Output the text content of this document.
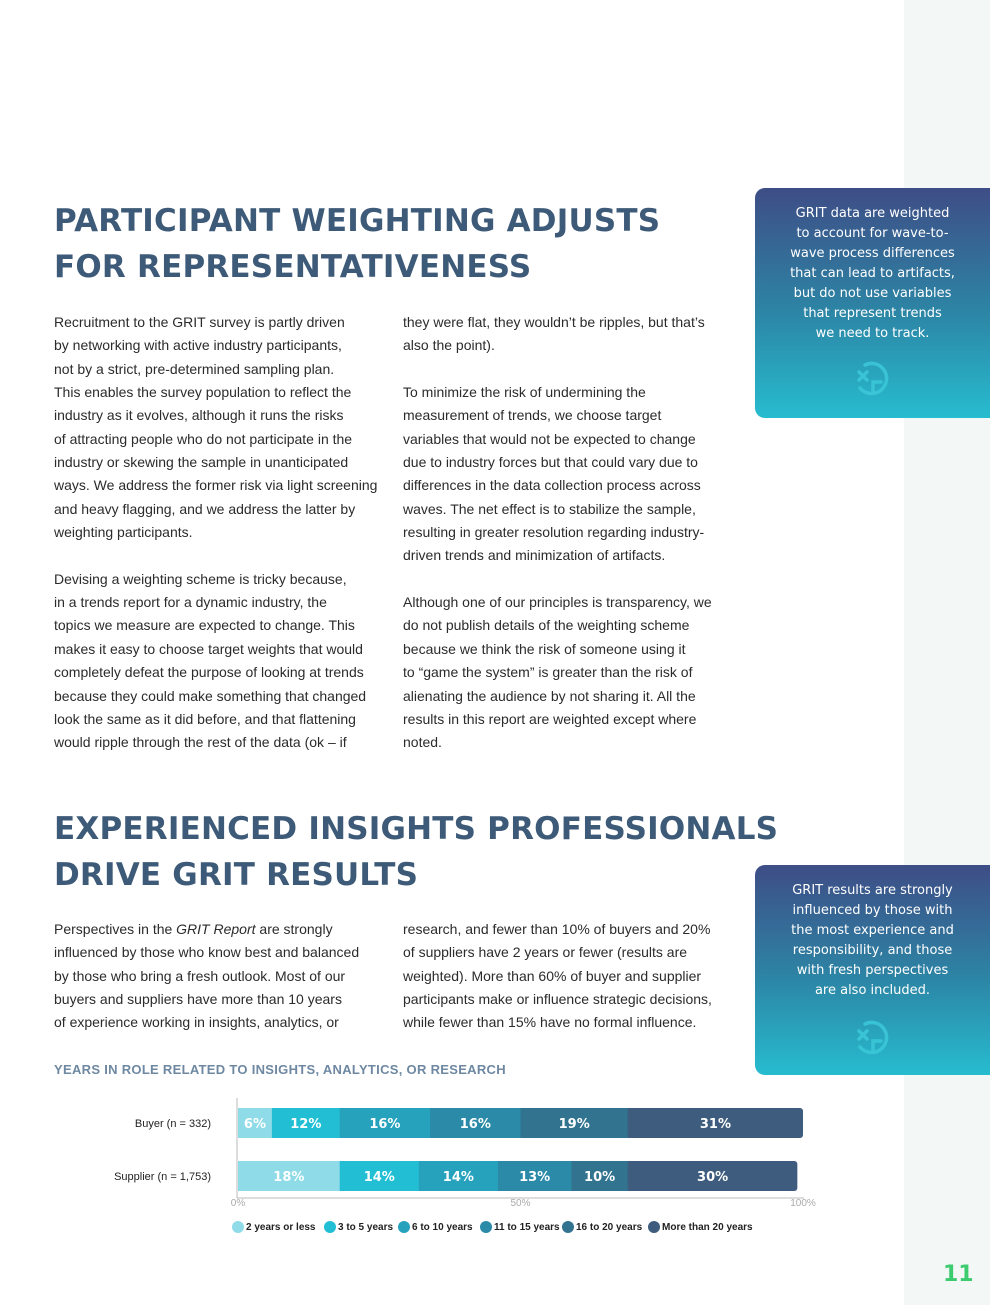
PARTICIPANT WEIGHTING ADJUSTS
FOR REPRESENTATIVENESS

Recruitment to the GRIT survey is partly driven
by networking with active industry participants,
not by a strict, pre-determined sampling plan.
This enables the survey population to reflect the
industry as it evolves, although it runs the risks
of attracting people who do not participate in the
industry or skewing the sample in unanticipated
ways. We address the former risk via light screening
and heavy flagging, and we address the latter by
weighting participants.

Devising a weighting scheme is tricky because,
in a trends report for a dynamic industry, the
topics we measure are expected to change. This
makes it easy to choose target weights that would
completely defeat the purpose of looking at trends
because they could make something that changed
look the same as it did before, and that flattening
would ripple through the rest of the data (ok – if

they were flat, they wouldn’t be ripples, but that’s
also the point).

To minimize the risk of undermining the
measurement of trends, we choose target
variables that would not be expected to change
due to industry forces but that could vary due to
differences in the data collection process across
waves. The net effect is to stabilize the sample,
resulting in greater resolution regarding industry-
driven trends and minimization of artifacts.

Although one of our principles is transparency, we
do not publish details of the weighting scheme
because we think the risk of someone using it
to “game the system” is greater than the risk of
alienating the audience by not sharing it. All the
results in this report are weighted except where
noted.

GRIT data are weighted
to account for wave-to-
wave process differences
that can lead to artifacts,
but do not use variables
that represent trends
we need to track.
EXPERIENCED INSIGHTS PROFESSIONALS
DRIVE GRIT RESULTS
Perspectives in the GRIT Report are strongly
influenced by those who know best and balanced
by those who bring a fresh outlook. Most of our
buyers and suppliers have more than 10 years
of experience working in insights, analytics, or
research, and fewer than 10% of buyers and 20%
of suppliers have 2 years or fewer (results are
weighted). More than 60% of buyer and supplier
participants make or influence strategic decisions,
while fewer than 15% have no formal influence.
GRIT results are strongly
influenced by those with
the most experience and
responsibility, and those
with fresh perspectives
are also included.
YEARS IN ROLE RELATED TO INSIGHTS, ANALYTICS, OR RESEARCH
Buyer (n = 332)	6% 12%	16%	16%	19%	31%
Supplier (n = 1,753)	18%	14%	14%	13%	10%	30%
0%	50%	100%
2 years or less 3 to 5 years 6 to 10 years 11 to 15 years 16 to 20 years More than 20 years
11
